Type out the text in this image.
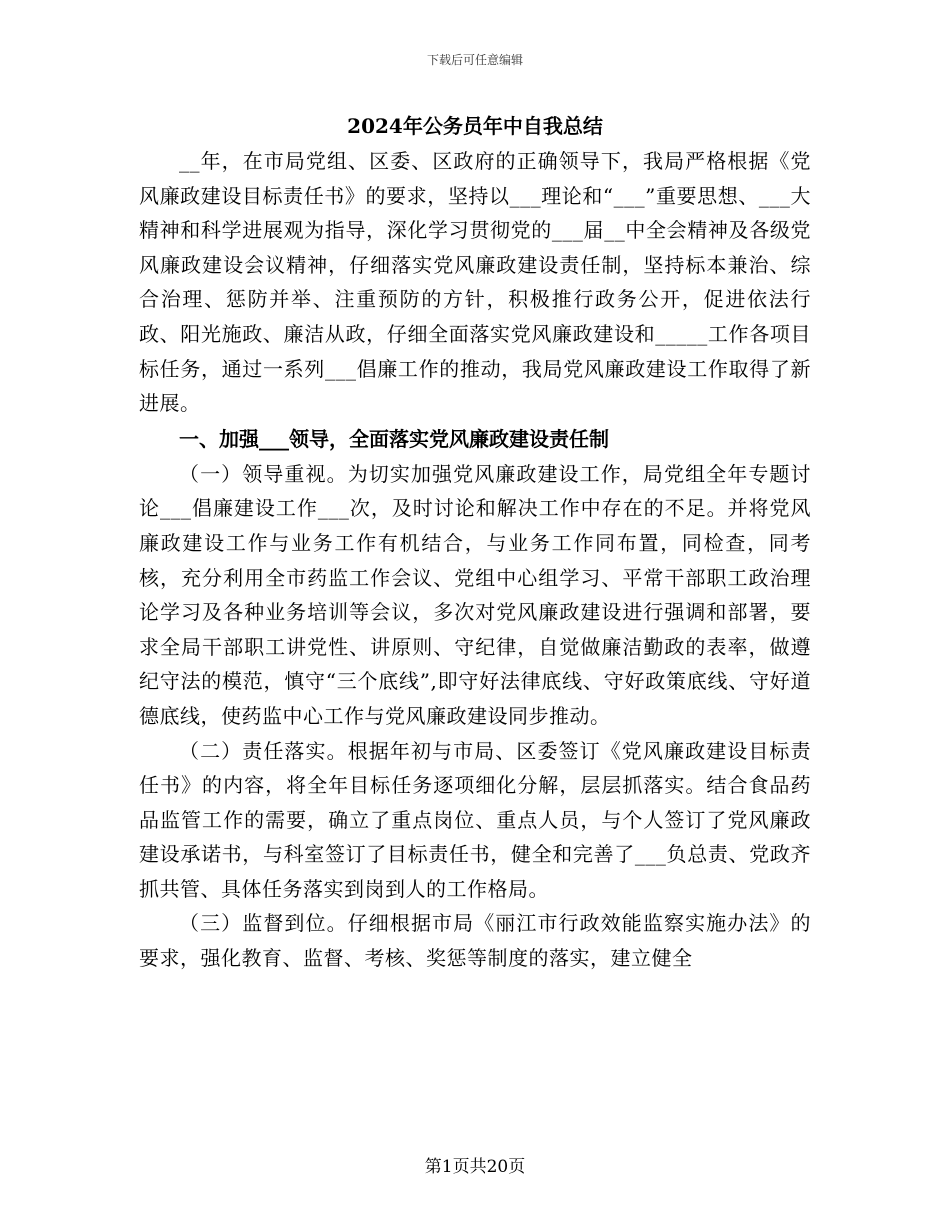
下载后可任意编辑
2024年公务员年中自我总结

__年，在市局党组、区委、区政府的正确领导下，我局严格根据《党风廉政建设目标责任书》的要求，坚持以___理论和“___”重要思想、___大精神和科学进展观为指导，深化学习贯彻党的___届__中全会精神及各级党风廉政建设会议精神，仔细落实党风廉政建设责任制，坚持标本兼治、综合治理、惩防并举、注重预防的方针，积极推行政务公开，促进依法行政、阳光施政、廉洁从政，仔细全面落实党风廉政建设和_____工作各项目标任务，通过一系列___倡廉工作的推动，我局党风廉政建设工作取得了新进展。

一、加强___领导，全面落实党风廉政建设责任制

（一）领导重视。为切实加强党风廉政建设工作，局党组全年专题讨论___倡廉建设工作___次，及时讨论和解决工作中存在的不足。并将党风廉政建设工作与业务工作有机结合，与业务工作同布置，同检查，同考核，充分利用全市药监工作会议、党组中心组学习、平常干部职工政治理论学习及各种业务培训等会议，多次对党风廉政建设进行强调和部署，要求全局干部职工讲党性、讲原则、守纪律，自觉做廉洁勤政的表率，做遵纪守法的模范，慎守“三个底线”,即守好法律底线、守好政策底线、守好道德底线，使药监中心工作与党风廉政建设同步推动。

（二）责任落实。根据年初与市局、区委签订《党风廉政建设目标责任书》的内容，将全年目标任务逐项细化分解，层层抓落实。结合食品药品监管工作的需要，确立了重点岗位、重点人员，与个人签订了党风廉政建设承诺书，与科室签订了目标责任书，健全和完善了___负总责、党政齐抓共管、具体任务落实到岗到人的工作格局。

（三）监督到位。仔细根据市局《丽江市行政效能监察实施办法》的要求，强化教育、监督、考核、奖惩等制度的落实，建立健全

第1页共20页
